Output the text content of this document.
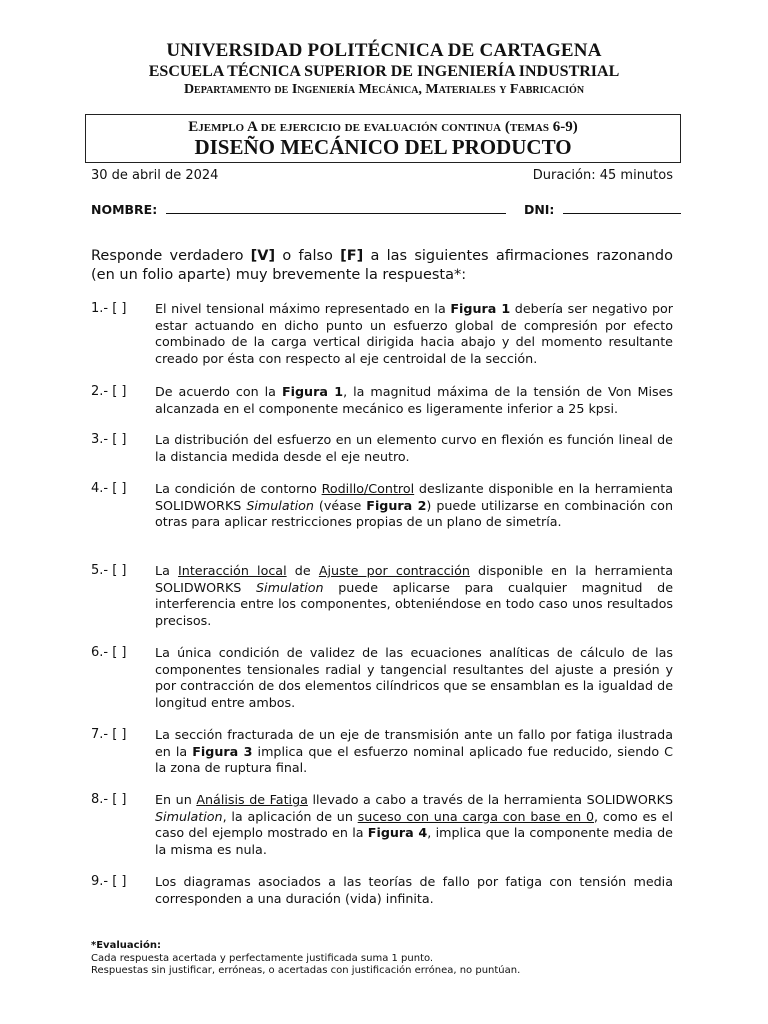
UNIVERSIDAD POLITÉCNICA DE CARTAGENA
ESCUELA TÉCNICA SUPERIOR DE INGENIERÍA INDUSTRIAL
Departamento de Ingeniería Mecánica, Materiales y Fabricación
Ejemplo A de ejercicio de evaluación continua (temas 6-9)
DISEÑO MECÁNICO DEL PRODUCTO
30 de abril de 2024	Duración: 45 minutos
NOMBRE:	DNI:
Responde verdadero [V] o falso [F] a las siguientes afirmaciones razonando (en un folio aparte) muy brevemente la respuesta*:
1.- [ ] El nivel tensional máximo representado en la Figura 1 debería ser negativo por estar actuando en dicho punto un esfuerzo global de compresión por efecto combinado de la carga vertical dirigida hacia abajo y del momento resultante creado por ésta con respecto al eje centroidal de la sección.
2.- [ ] De acuerdo con la Figura 1, la magnitud máxima de la tensión de Von Mises alcanzada en el componente mecánico es ligeramente inferior a 25 kpsi.
3.- [ ] La distribución del esfuerzo en un elemento curvo en flexión es función lineal de la distancia medida desde el eje neutro.
4.- [ ] La condición de contorno Rodillo/Control deslizante disponible en la herramienta SOLIDWORKS Simulation (véase Figura 2) puede utilizarse en combinación con otras para aplicar restricciones propias de un plano de simetría.
5.- [ ] La Interacción local de Ajuste por contracción disponible en la herramienta SOLIDWORKS Simulation puede aplicarse para cualquier magnitud de interferencia entre los componentes, obteniéndose en todo caso unos resultados precisos.
6.- [ ] La única condición de validez de las ecuaciones analíticas de cálculo de las componentes tensionales radial y tangencial resultantes del ajuste a presión y por contracción de dos elementos cilíndricos que se ensamblan es la igualdad de longitud entre ambos.
7.- [ ] La sección fracturada de un eje de transmisión ante un fallo por fatiga ilustrada en la Figura 3 implica que el esfuerzo nominal aplicado fue reducido, siendo C la zona de ruptura final.
8.- [ ] En un Análisis de Fatiga llevado a cabo a través de la herramienta SOLIDWORKS Simulation, la aplicación de un suceso con una carga con base en 0, como es el caso del ejemplo mostrado en la Figura 4, implica que la componente media de la misma es nula.
9.- [ ] Los diagramas asociados a las teorías de fallo por fatiga con tensión media corresponden a una duración (vida) infinita.
*Evaluación:
Cada respuesta acertada y perfectamente justificada suma 1 punto.
Respuestas sin justificar, erróneas, o acertadas con justificación errónea, no puntúan.
